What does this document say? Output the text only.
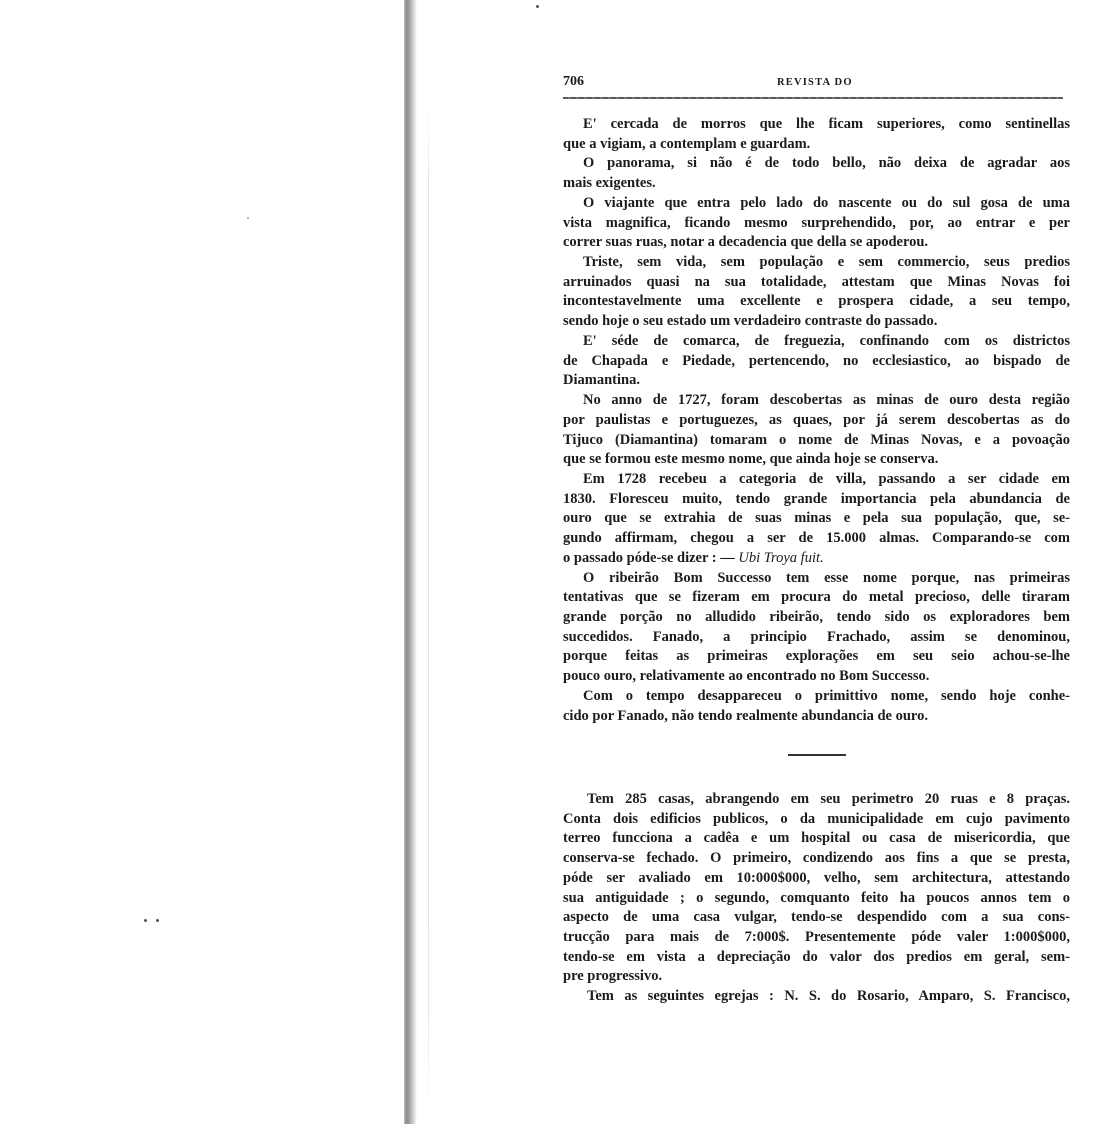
706	REVISTA DO
E' cercada de morros que lhe ficam superiores, como sentinellas
que a vigiam, a contemplam e guardam.
O panorama, si não é de todo bello, não deixa de agradar aos
mais exigentes.
O viajante que entra pelo lado do nascente ou do sul gosa de uma
vista magnifica, ficando mesmo surprehendido, por, ao entrar e per
correr suas ruas, notar a decadencia que della se apoderou.
Triste, sem vida, sem população e sem commercio, seus predios
arruinados quasi na sua totalidade, attestam que Minas Novas foi
incontestavelmente uma excellente e prospera cidade, a seu tempo,
sendo hoje o seu estado um verdadeiro contraste do passado.
E' séde de comarca, de freguezia, confinando com os districtos
de Chapada e Piedade, pertencendo, no ecclesiastico, ao bispado de
Diamantina.
No anno de 1727, foram descobertas as minas de ouro desta região
por paulistas e portuguezes, as quaes, por já serem descobertas as do
Tijuco (Diamantina) tomaram o nome de Minas Novas, e a povoação
que se formou este mesmo nome, que ainda hoje se conserva.
Em 1728 recebeu a categoria de villa, passando a ser cidade em
1830. Floresceu muito, tendo grande importancia pela abundancia de
ouro que se extrahia de suas minas e pela sua população, que, se-
gundo affirmam, chegou a ser de 15.000 almas. Comparando-se com
o passado póde-se dizer : — Ubi Troya fuit.
O ribeirão Bom Successo tem esse nome porque, nas primeiras
tentativas que se fizeram em procura do metal precioso, delle tiraram
grande porção no alludido ribeirão, tendo sido os exploradores bem
succedidos. Fanado, a principio Frachado, assim se denominou,
porque feitas as primeiras explorações em seu seio achou-se-lhe
pouco ouro, relativamente ao encontrado no Bom Successo.
Com o tempo desappareceu o primittivo nome, sendo hoje conhe-
cido por Fanado, não tendo realmente abundancia de ouro.
Tem 285 casas, abrangendo em seu perimetro 20 ruas e 8 praças.
Conta dois edificios publicos, o da municipalidade em cujo pavimento
terreo funcciona a cadêa e um hospital ou casa de misericordia, que
conserva-se fechado. O primeiro, condizendo aos fins a que se presta,
póde ser avaliado em 10:000$000, velho, sem architectura, attestando
sua antiguidade ; o segundo, comquanto feito ha poucos annos tem o
aspecto de uma casa vulgar, tendo-se despendido com a sua cons-
trucção para mais de 7:000$. Presentemente póde valer 1:000$000,
tendo-se em vista a depreciação do valor dos predios em geral, sem-
pre progressivo.
Tem as seguintes egrejas : N. S. do Rosario, Amparo, S. Francisco,
